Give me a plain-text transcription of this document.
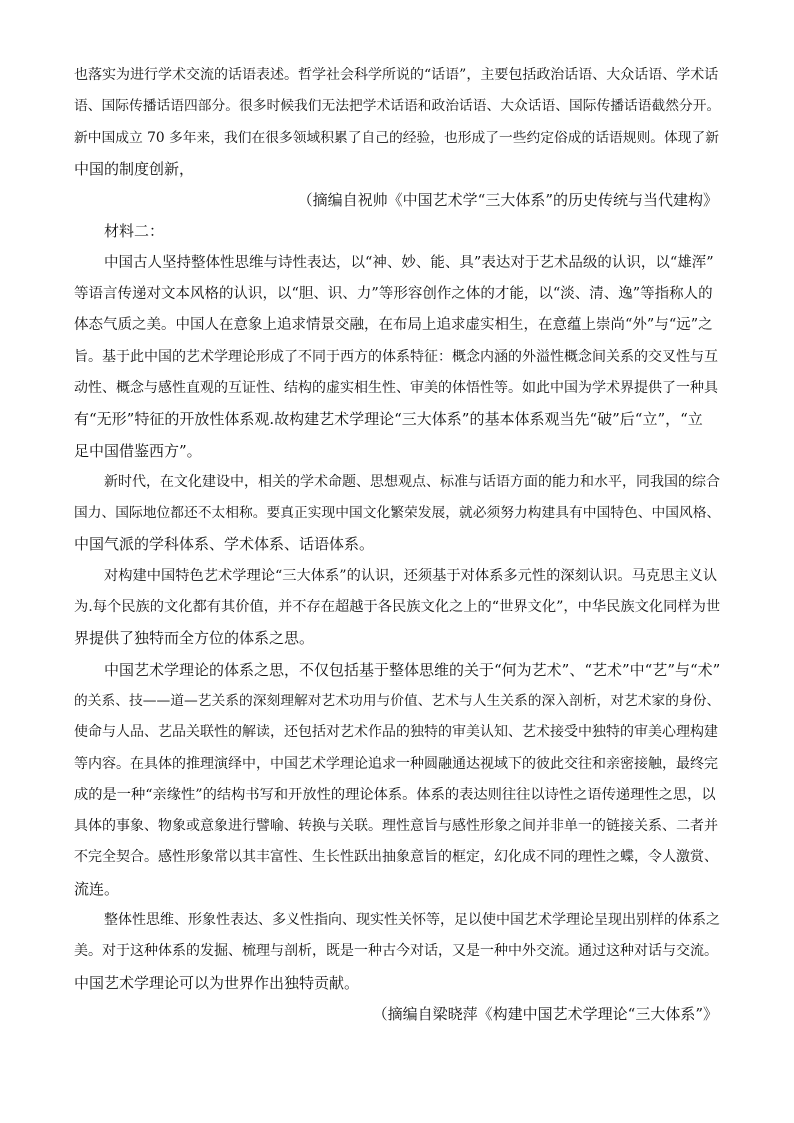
也落实为进行学术交流的话语表述。哲学社会科学所说的“话语”，主要包括政治话语、大众话语、学术话
语、国际传播话语四部分。很多时候我们无法把学术话语和政治话语、大众话语、国际传播话语截然分开。
新中国成立 70 多年来，我们在很多领域积累了自己的经验，也形成了一些约定俗成的话语规则。体现了新
中国的制度创新，
（摘编自祝帅《中国艺术学“三大体系”的历史传统与当代建构》
材料二：
中国古人坚持整体性思维与诗性表达，以“神、妙、能、具”表达对于艺术品级的认识，以“雄浑”
等语言传递对文本风格的认识，以“胆、识、力”等形容创作之体的才能，以“淡、清、逸”等指称人的
体态气质之美。中国人在意象上追求情景交融，在布局上追求虚实相生，在意蕴上崇尚“外”与“远”之
旨。基于此中国的艺术学理论形成了不同于西方的体系特征：概念内涵的外溢性概念间关系的交叉性与互
动性、概念与感性直观的互证性、结构的虚实相生性、审美的体悟性等。如此中国为学术界提供了一种具
有“无形”特征的开放性体系观.故构建艺术学理论“三大体系”的基本体系观当先“破”后“立”，“立
足中国借鉴西方”。
新时代，在文化建设中，相关的学术命题、思想观点、标准与话语方面的能力和水平，同我国的综合
国力、国际地位都还不太相称。要真正实现中国文化繁荣发展，就必须努力构建具有中国特色、中国风格、
中国气派的学科体系、学术体系、话语体系。
对构建中国特色艺术学理论“三大体系”的认识，还须基于对体系多元性的深刻认识。马克思主义认
为.每个民族的文化都有其价值，并不存在超越于各民族文化之上的“世界文化”，中华民族文化同样为世
界提供了独特而全方位的体系之思。
中国艺术学理论的体系之思，不仅包括基于整体思维的关于“何为艺术”、“艺术”中“艺”与“术”
的关系、技——道—艺关系的深刻理解对艺术功用与价值、艺术与人生关系的深入剖析，对艺术家的身份、
使命与人品、艺品关联性的解读，还包括对艺术作品的独特的审美认知、艺术接受中独特的审美心理构建
等内容。在具体的推理演绎中，中国艺术学理论追求一种圆融通达视域下的彼此交往和亲密接触，最终完
成的是一种“亲缘性”的结构书写和开放性的理论体系。体系的表达则往往以诗性之语传递理性之思，以
具体的事象、物象或意象进行譬喻、转换与关联。理性意旨与感性形象之间并非单一的链接关系、二者并
不完全契合。感性形象常以其丰富性、生长性跃出抽象意旨的框定，幻化成不同的理性之蝶，令人激赏、
流连。
整体性思维、形象性表达、多义性指向、现实性关怀等，足以使中国艺术学理论呈现出别样的体系之
美。对于这种体系的发掘、梳理与剖析，既是一种古今对话，又是一种中外交流。通过这种对话与交流。
中国艺术学理论可以为世界作出独特贡献。
（摘编自梁晓萍《构建中国艺术学理论“三大体系”》
